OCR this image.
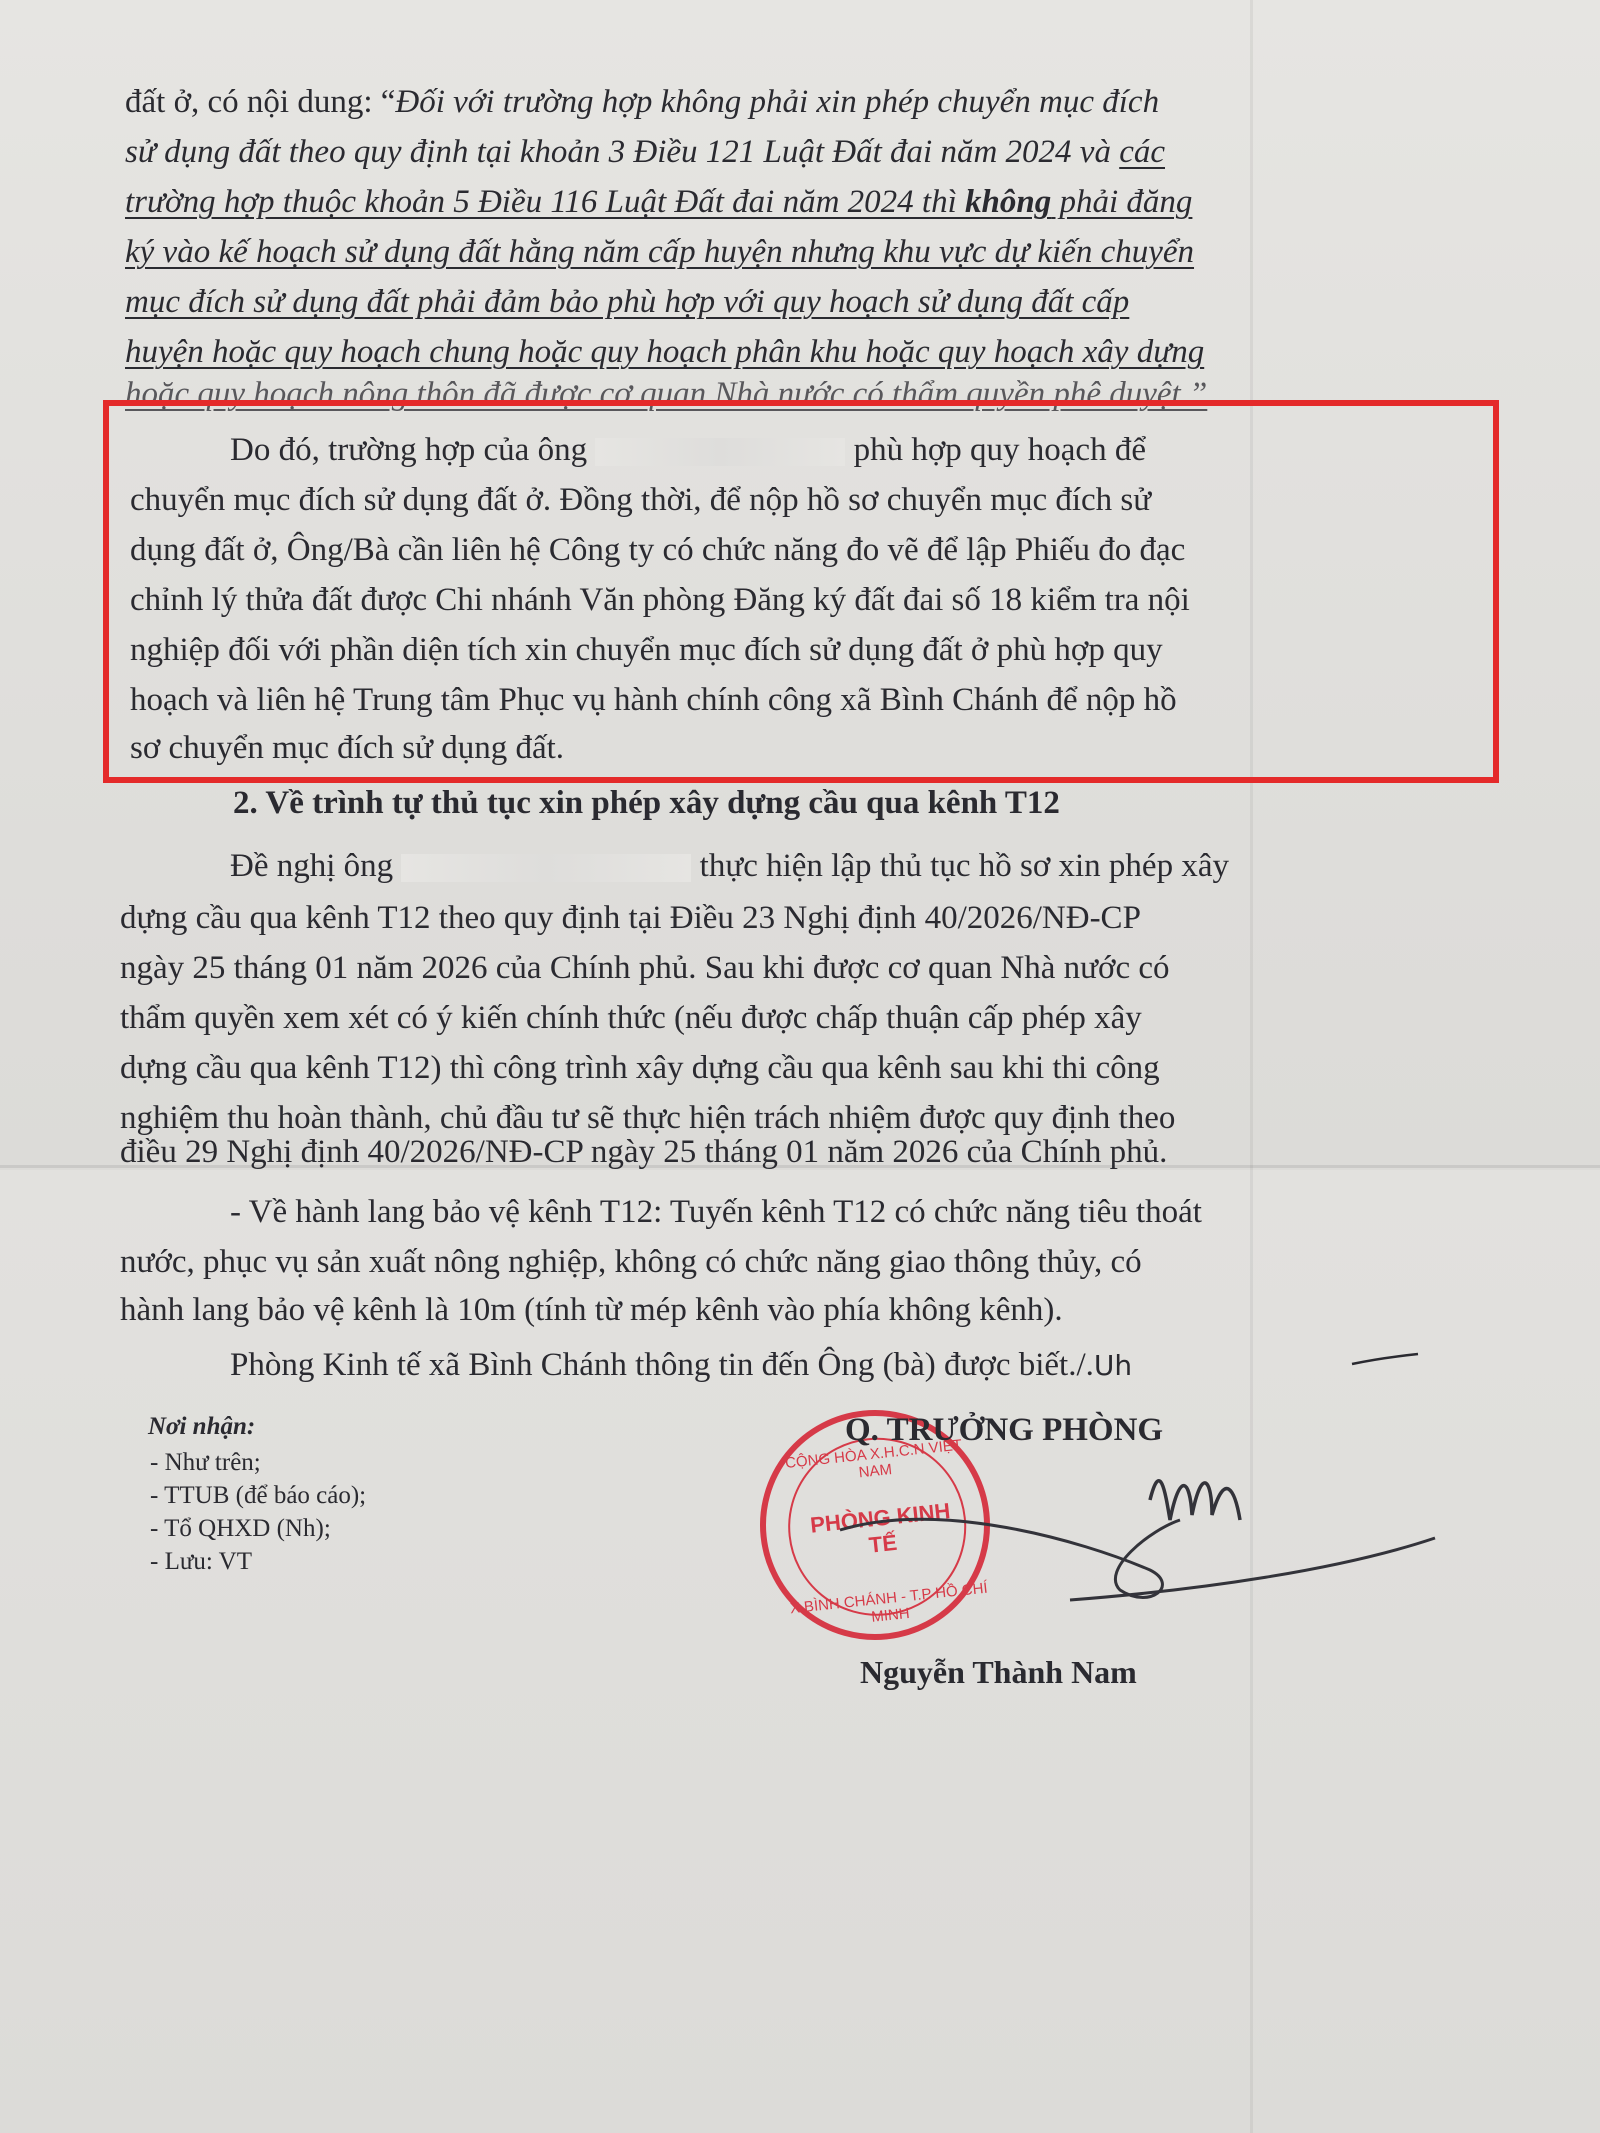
đất ở, có nội dung: “Đối với trường hợp không phải xin phép chuyển mục đích
sử dụng đất theo quy định tại khoản 3 Điều 121 Luật Đất đai năm 2024 và các
trường hợp thuộc khoản 5 Điều 116 Luật Đất đai năm 2024 thì không phải đăng
ký vào kế hoạch sử dụng đất hằng năm cấp huyện nhưng khu vực dự kiến chuyển
mục đích sử dụng đất phải đảm bảo phù hợp với quy hoạch sử dụng đất cấp
huyện hoặc quy hoạch chung hoặc quy hoạch phân khu hoặc quy hoạch xây dựng
hoặc quy hoạch nông thôn đã được cơ quan Nhà nước có thẩm quyền phê duyệt.”
Do đó, trường hợp của ông	phù hợp quy hoạch để
chuyển mục đích sử dụng đất ở. Đồng thời, để nộp hồ sơ chuyển mục đích sử
dụng đất ở, Ông/Bà cần liên hệ Công ty có chức năng đo vẽ để lập Phiếu đo đạc
chỉnh lý thửa đất được Chi nhánh Văn phòng Đăng ký đất đai số 18 kiểm tra nội
nghiệp đối với phần diện tích xin chuyển mục đích sử dụng đất ở phù hợp quy
hoạch và liên hệ Trung tâm Phục vụ hành chính công xã Bình Chánh để nộp hồ
sơ chuyển mục đích sử dụng đất.
2. Về trình tự thủ tục xin phép xây dựng cầu qua kênh T12
Đề nghị ông	thực hiện lập thủ tục hồ sơ xin phép xây
dựng cầu qua kênh T12 theo quy định tại Điều 23 Nghị định 40/2026/NĐ-CP
ngày 25 tháng 01 năm 2026 của Chính phủ. Sau khi được cơ quan Nhà nước có
thẩm quyền xem xét có ý kiến chính thức (nếu được chấp thuận cấp phép xây
dựng cầu qua kênh T12) thì công trình xây dựng cầu qua kênh sau khi thi công
nghiệm thu hoàn thành, chủ đầu tư sẽ thực hiện trách nhiệm được quy định theo
điều 29 Nghị định 40/2026/NĐ-CP ngày 25 tháng 01 năm 2026 của Chính phủ.
- Về hành lang bảo vệ kênh T12: Tuyến kênh T12 có chức năng tiêu thoát
nước, phục vụ sản xuất nông nghiệp, không có chức năng giao thông thủy, có
hành lang bảo vệ kênh là 10m (tính từ mép kênh vào phía không kênh).
Phòng Kinh tế xã Bình Chánh thông tin đến Ông (bà) được biết./.Uh
Nơi nhận:
- Như trên;
- TTUB (để báo cáo);
- Tổ QHXD (Nh);
- Lưu: VT
CỘNG HÒA X.H.C.N VIỆT NAM
PHÒNG KINH TẾ
X.BÌNH CHÁNH - T.P HỒ CHÍ MINH
Q. TRƯỞNG PHÒNG
Nguyễn Thành Nam
